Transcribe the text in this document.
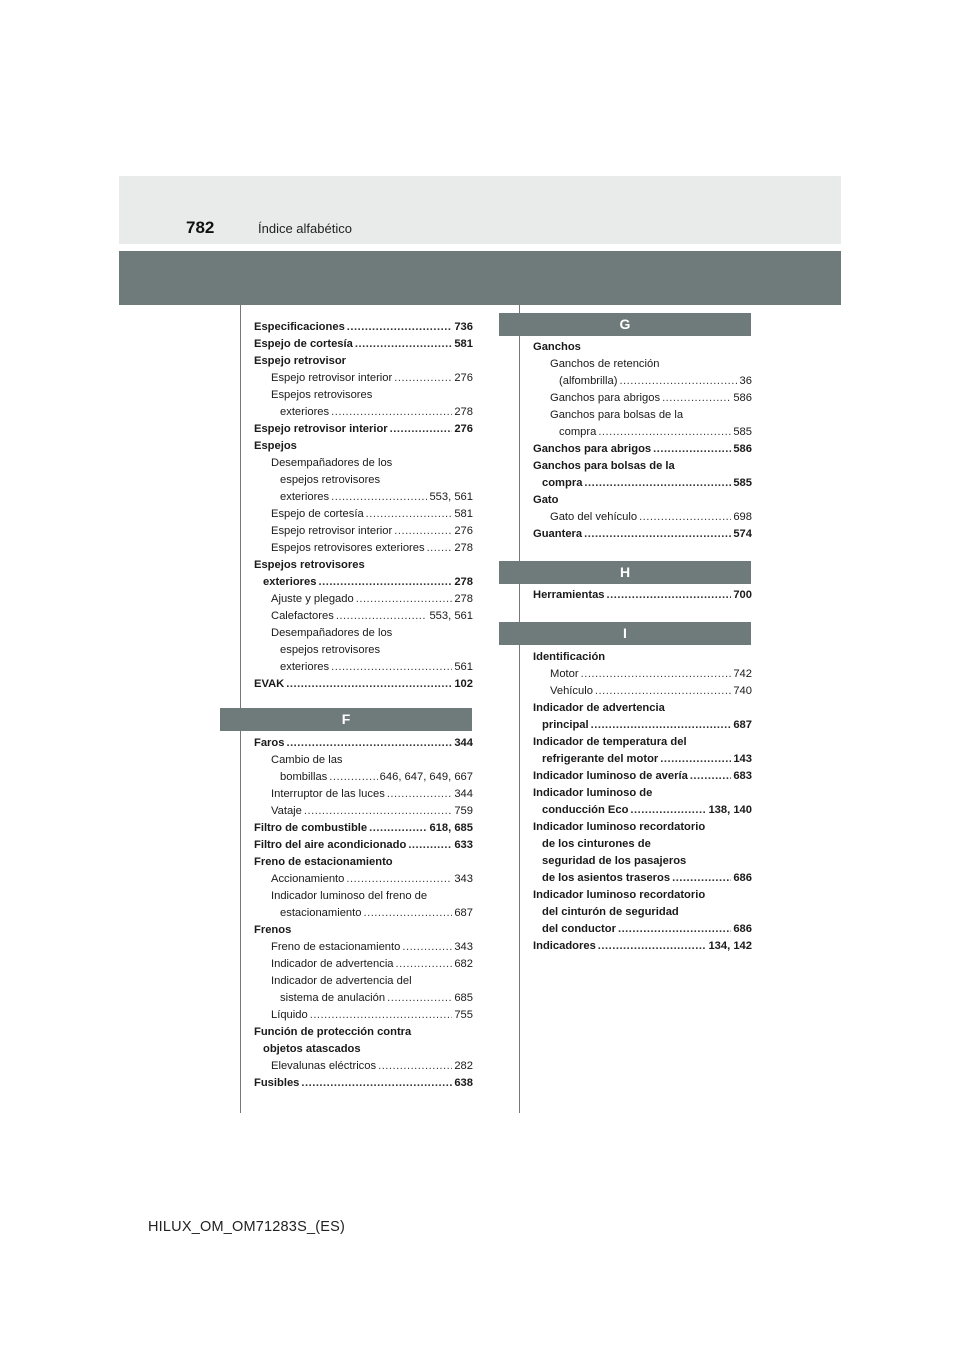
782	Índice alfabético
Especificaciones .....	736
Espejo de cortesía .....	581
Espejo retrovisor
Espejo retrovisor interior .....	276
Espejos retrovisores
exteriores .....	278
Espejo retrovisor interior .....	276
Espejos
Desempañadores de los
espejos retrovisores
exteriores .....	553, 561
Espejo de cortesía .....	581
Espejo retrovisor interior .....	276
Espejos retrovisores exteriores .....	278
Espejos retrovisores
exteriores .....	278
Ajuste y plegado .....	278
Calefactores .....	553, 561
Desempañadores de los
espejos retrovisores
exteriores .....	561
EVAK .....	102
F
Faros .....	344
Cambio de las
bombillas .....	646, 647, 649, 667
Interruptor de las luces .....	344
Vataje .....	759
Filtro de combustible .....	618, 685
Filtro del aire acondicionado .....	633
Freno de estacionamiento
Accionamiento .....	343
Indicador luminoso del freno de
estacionamiento .....	687
Frenos
Freno de estacionamiento .....	343
Indicador de advertencia .....	682
Indicador de advertencia del
sistema de anulación .....	685
Líquido .....	755
Función de protección contra
objetos atascados
Elevalunas eléctricos .....	282
Fusibles .....	638
G
Ganchos
Ganchos de retención
(alfombrilla) .....	36
Ganchos para abrigos .....	586
Ganchos para bolsas de la
compra .....	585
Ganchos para abrigos .....	586
Ganchos para bolsas de la
compra .....	585
Gato
Gato del vehículo .....	698
Guantera .....	574
H
Herramientas .....	700
I
Identificación
Motor .....	742
Vehículo .....	740
Indicador de advertencia
principal .....	687
Indicador de temperatura del
refrigerante del motor .....	143
Indicador luminoso de avería .....	683
Indicador luminoso de
conducción Eco .....	138, 140
Indicador luminoso recordatorio
de los cinturones de
seguridad de los pasajeros
de los asientos traseros .....	686
Indicador luminoso recordatorio
del cinturón de seguridad
del conductor .....	686
Indicadores .....	134, 142
HILUX_OM_OM71283S_(ES)
